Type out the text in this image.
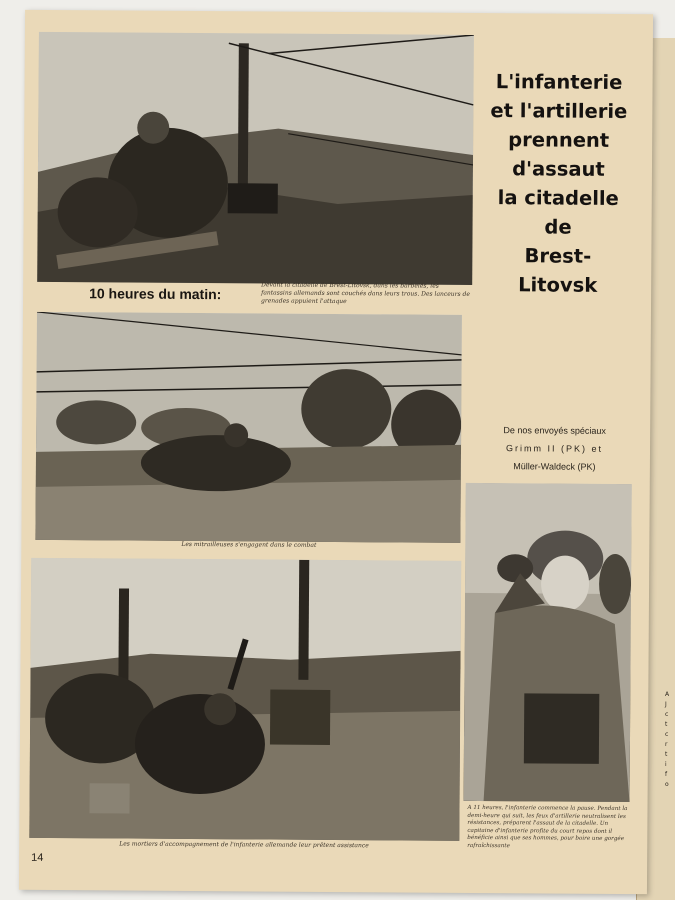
A
J
c
t
c
r
t
i
f
o
10 heures du matin:	Devant la citadelle de Brest-Litovsk, dans les barbelés, les fantassins allemands sont couchés dans leurs trous. Des lanceurs de grenades appuient l'attaque
Les mitrailleuses s'engagent dans le combat
Les mortiers d'accompagnement de l'infanterie allemande leur prêtent assistance
A 11 heures, l'infanterie commence la pause. Pendant la demi-heure qui suit, les feux d'artillerie neutralisent les résistances, préparent l'assaut de la citadelle. Un capitaine d'infanterie profite du court repos dont il bénéficie ainsi que ses hommes, pour boire une gorgée rafraîchissante
L'infanterie
et l'artillerie
prennent
d'assaut
la citadelle
de
Brest-
Litovsk
De nos envoyés spéciaux
Grimm II (PK) et
Müller-Waldeck (PK)
14
